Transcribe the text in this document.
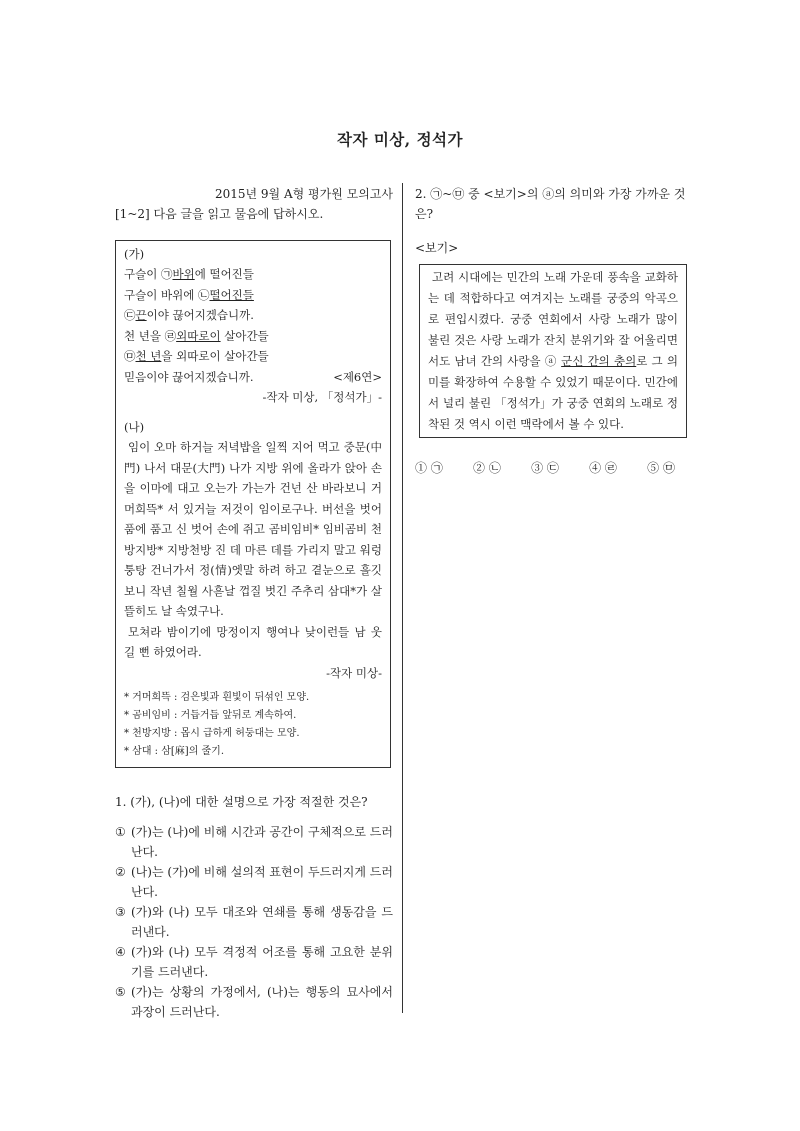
작자 미상, 정석가

2015년 9월 A형 평가원 모의고사

[1~2] 다음 글을 읽고 물음에 답하시오.

(가)

구슬이 ㉠바위에 떨어진들

구슬이 바위에 ㉡떨어진들

㉢끈이야 끊어지겠습니까.

천 년을 ㉣외따로이 살아간들

㉤천 년을 외따로이 살아간들

믿음이야 끊어지겠습니까.	<제6연>

-작자 미상, 「정석가」-

(나)

임이 오마 하거늘 저녁밥을 일찍 지어 먹고 중문(中門) 나서 대문(大門) 나가 지방 위에 올라가 앉아 손을 이마에 대고 오는가 가는가 건넌 산 바라보니 거머희뜩* 서 있거늘 저것이 임이로구나. 버선을 벗어 품에 품고 신 벗어 손에 쥐고 곰비임비* 임비곰비 천방지방* 지방천방 진 데 마른 데를 가리지 말고 워렁퉁탕 건너가서 정(情)엣말 하려 하고 곁눈으로 흘깃 보니 작년 칠월 사흗날 껍질 벗긴 주추리 삼대*가 살뜰히도 날 속였구나.

모쳐라 밤이기에 망정이지 행여나 낮이런들 남 웃길 뻔 하였어라.

-작자 미상-

* 거머희뜩 : 검은빛과 흰빛이 뒤섞인 모양.
* 곰비임비 : 거듭거듭 앞뒤로 계속하여.
* 천방지방 : 몹시 급하게 허둥대는 모양.
* 삼대 : 삼[麻]의 줄기.

1. (가), (나)에 대한 설명으로 가장 적절한 것은?

① (가)는 (나)에 비해 시간과 공간이 구체적으로 드러난다.
② (나)는 (가)에 비해 설의적 표현이 두드러지게 드러난다.
③ (가)와 (나) 모두 대조와 연쇄를 통해 생동감을 드러낸다.
④ (가)와 (나) 모두 격정적 어조를 통해 고요한 분위기를 드러낸다.
⑤ (가)는 상황의 가정에서, (나)는 행동의 묘사에서 과장이 드러난다.

2. ㉠~㉤ 중 <보기>의 ⓐ의 의미와 가장 가까운 것은?

<보기>

고려 시대에는 민간의 노래 가운데 풍속을 교화하는 데 적합하다고 여겨지는 노래를 궁중의 악곡으로 편입시켰다. 궁중 연회에서 사랑 노래가 많이 불린 것은 사랑 노래가 잔치 분위기와 잘 어울리면서도 남녀 간의 사랑을 ⓐ 군신 간의 충의로 그 의미를 확장하여 수용할 수 있었기 때문이다. 민간에서 널리 불린 「정석가」가 궁중 연회의 노래로 정착된 것 역시 이런 맥락에서 볼 수 있다.
① ㉠	② ㉡	③ ㉢	④ ㉣	⑤ ㉤
